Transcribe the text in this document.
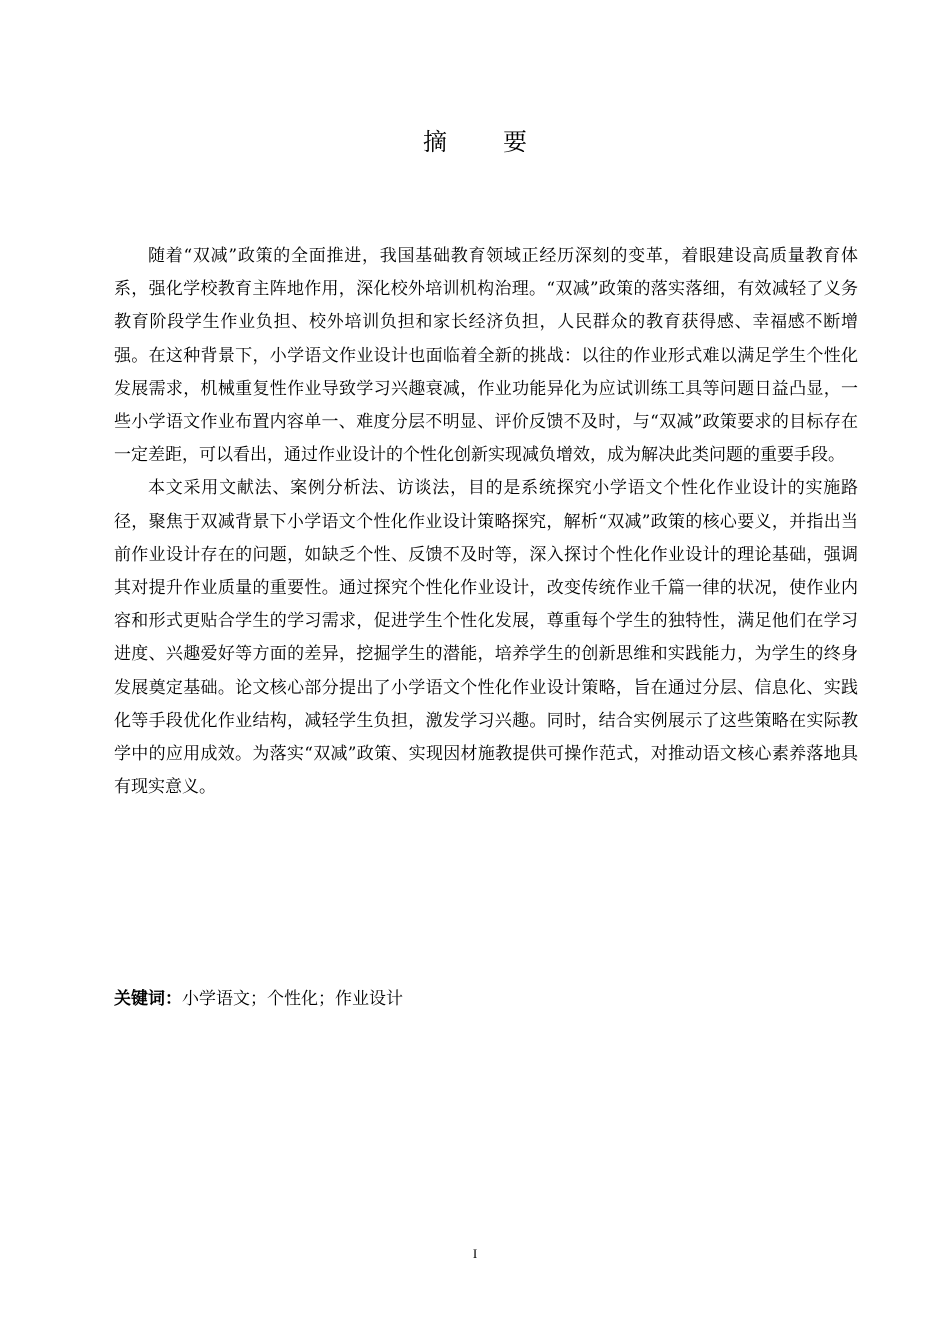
摘　要

随着“双减”政策的全面推进，我国基础教育领域正经历深刻的变革，着眼建设高质量教育体系，强化学校教育主阵地作用，深化校外培训机构治理。“双减”政策的落实落细，有效减轻了义务教育阶段学生作业负担、校外培训负担和家长经济负担，人民群众的教育获得感、幸福感不断增强。在这种背景下，小学语文作业设计也面临着全新的挑战：以往的作业形式难以满足学生个性化发展需求，机械重复性作业导致学习兴趣衰减，作业功能异化为应试训练工具等问题日益凸显，一些小学语文作业布置内容单一、难度分层不明显、评价反馈不及时，与“双减”政策要求的目标存在一定差距，可以看出，通过作业设计的个性化创新实现减负增效，成为解决此类问题的重要手段。

本文采用文献法、案例分析法、访谈法，目的是系统探究小学语文个性化作业设计的实施路径，聚焦于双减背景下小学语文个性化作业设计策略探究，解析“双减”政策的核心要义，并指出当前作业设计存在的问题，如缺乏个性、反馈不及时等，深入探讨个性化作业设计的理论基础，强调其对提升作业质量的重要性。通过探究个性化作业设计，改变传统作业千篇一律的状况，使作业内容和形式更贴合学生的学习需求，促进学生个性化发展，尊重每个学生的独特性，满足他们在学习进度、兴趣爱好等方面的差异，挖掘学生的潜能，培养学生的创新思维和实践能力，为学生的终身发展奠定基础。论文核心部分提出了小学语文个性化作业设计策略，旨在通过分层、信息化、实践化等手段优化作业结构，减轻学生负担，激发学习兴趣。同时，结合实例展示了这些策略在实际教学中的应用成效。为落实“双减”政策、实现因材施教提供可操作范式，对推动语文核心素养落地具有现实意义。

关键词：小学语文；个性化；作业设计
I
